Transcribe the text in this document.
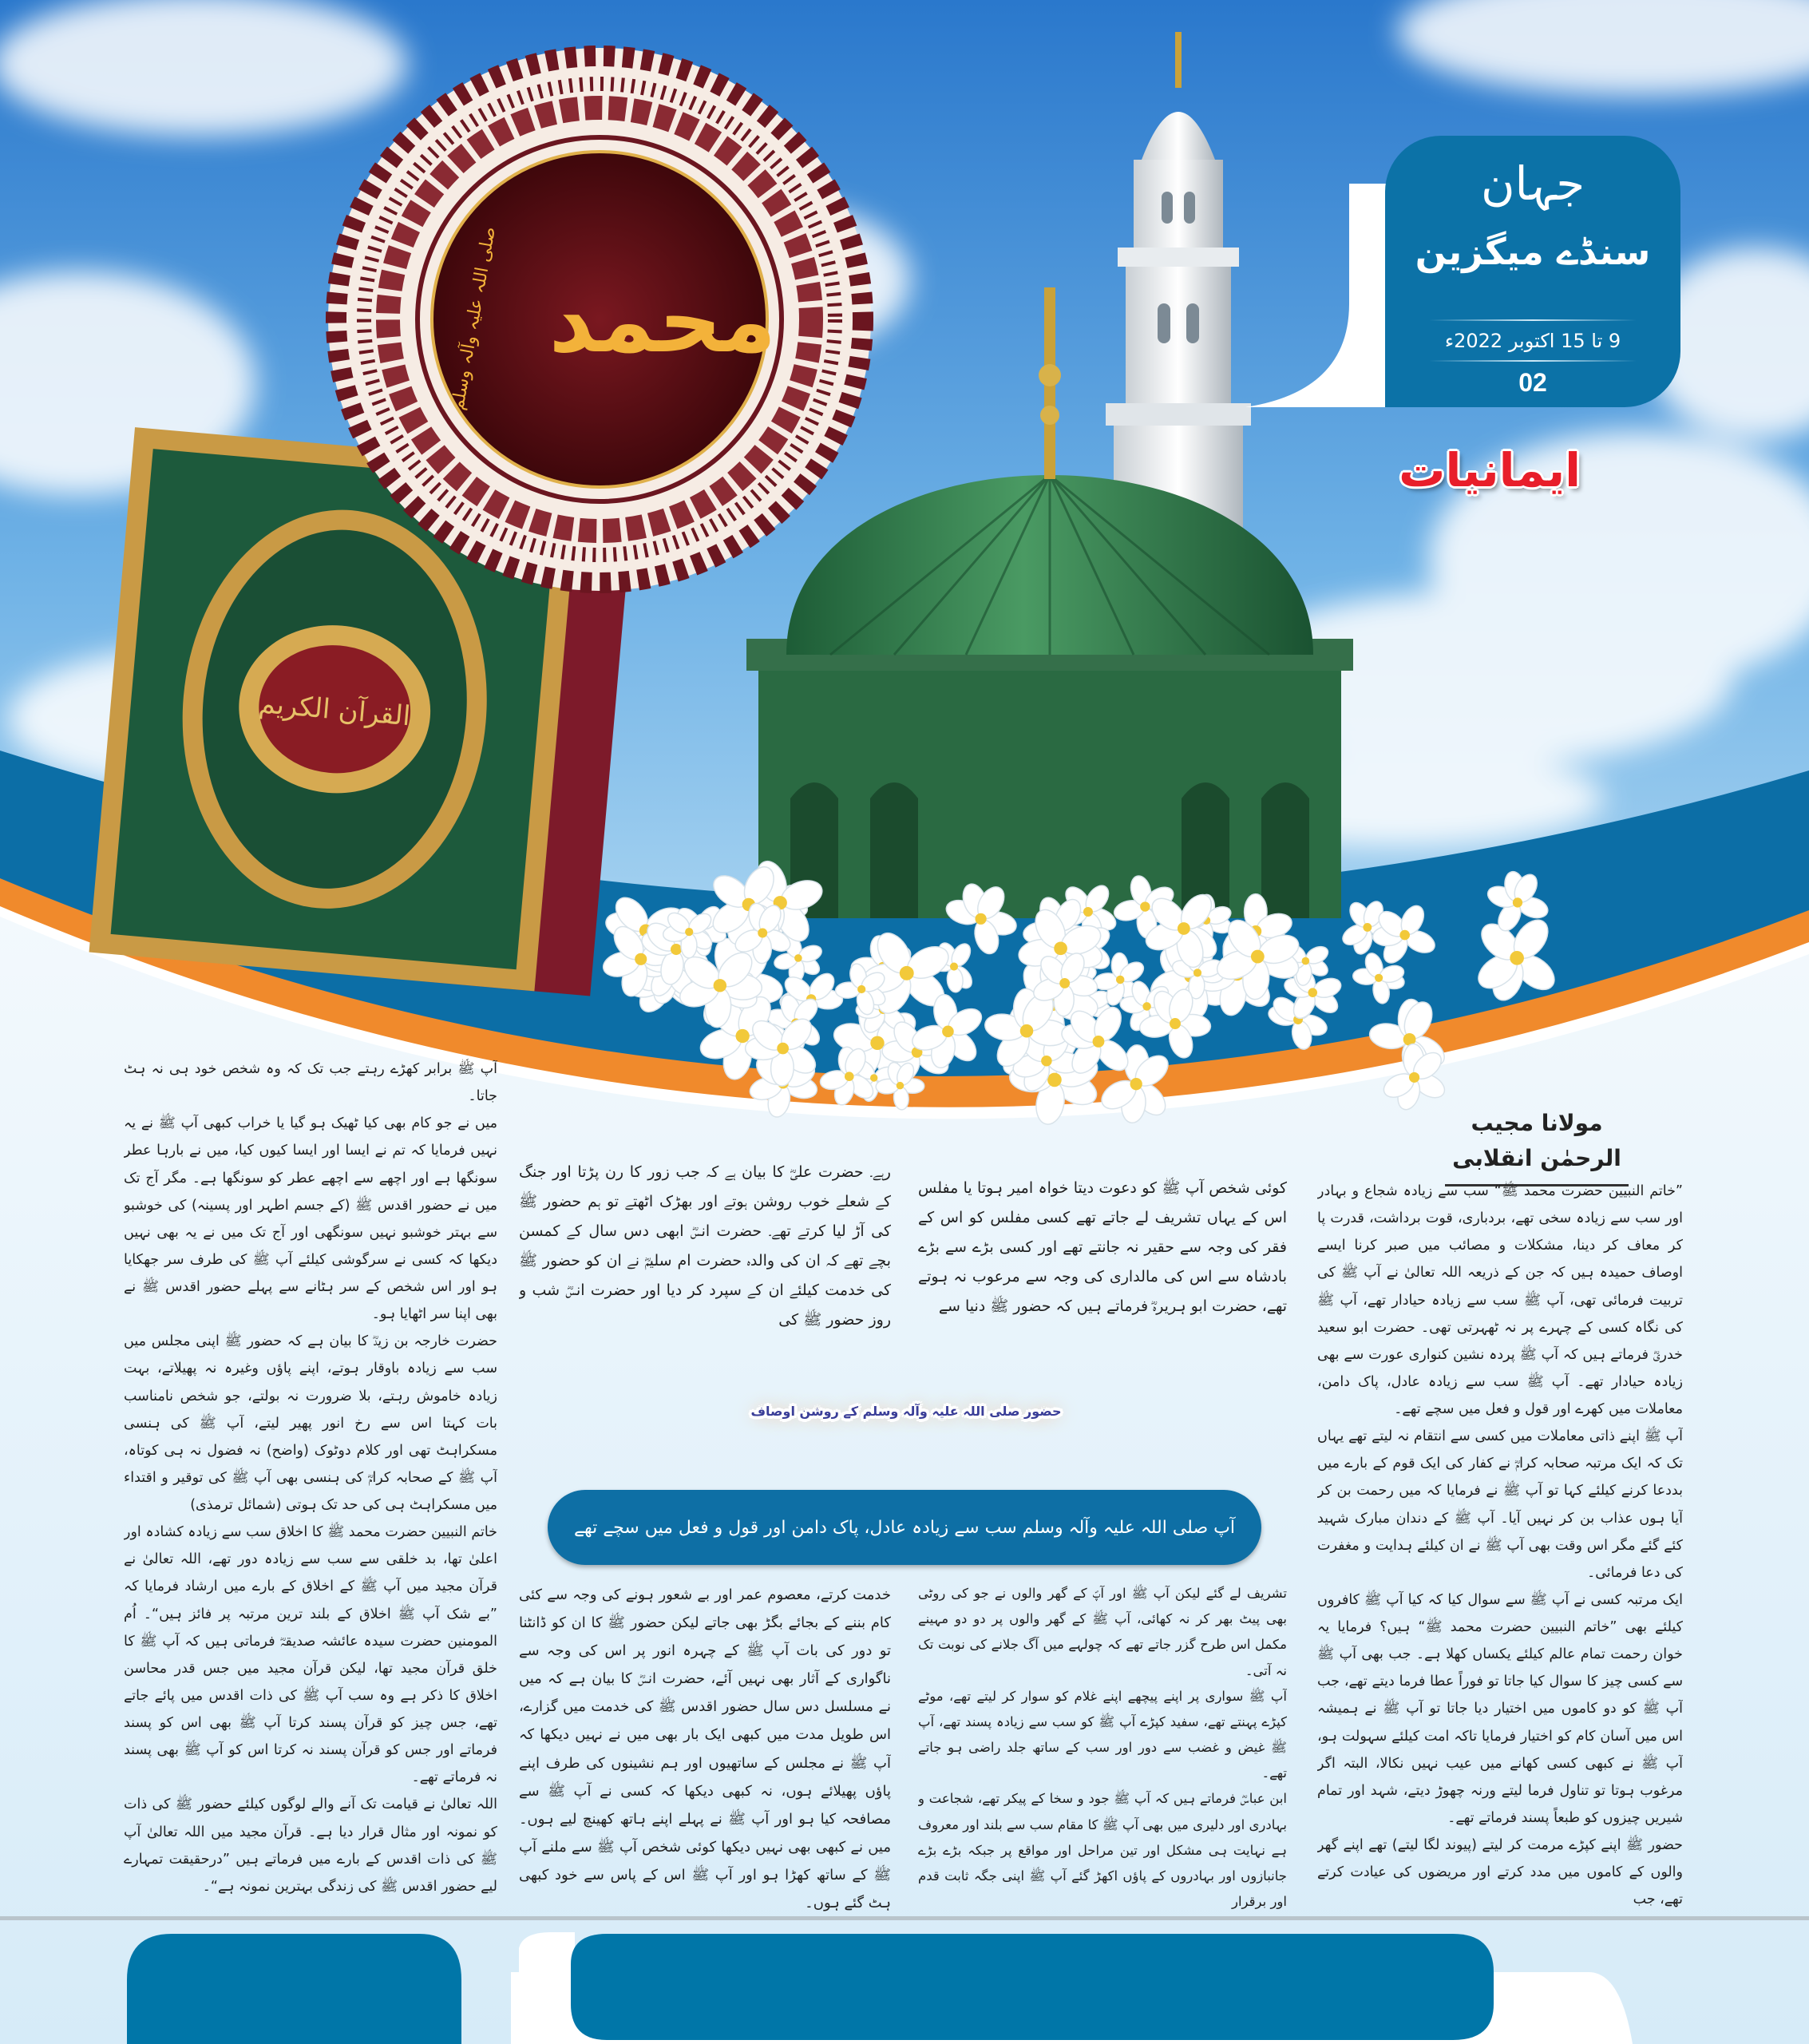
القرآن الکریم
محمد
صلی اللہ علیہ وآلہ وسلم
جہان
سنڈے میگزین
9 تا 15 اکتوبر 2022ء
02
ایمانیات
مولانا مجیب الرحمٰن انقلابی
حضور صلی اللہ علیہ وآلہ وسلم کے روشن اوصاف
آپ صلی اللہ علیہ وآلہ وسلم سب سے زیادہ عادل، پاک دامن اور قول و فعل میں سچے تھے

”خاتم النبیین حضرت محمد ﷺ“ سب سے زیادہ شجاع و بہادر اور سب سے زیادہ سخی تھے، بردباری، قوت برداشت، قدرت پا کر معاف کر دینا، مشکلات و مصائب میں صبر کرنا ایسے اوصاف حمیدہ ہیں کہ جن کے ذریعہ اللہ تعالیٰ نے آپ ﷺ کی تربیت فرمائی تھی، آپ ﷺ سب سے زیادہ حیادار تھے، آپ ﷺ کی نگاہ کسی کے چہرے پر نہ ٹھہرتی تھی۔ حضرت ابو سعید خدریؓ فرماتے ہیں کہ آپ ﷺ پردہ نشین کنواری عورت سے بھی زیادہ حیادار تھے۔ آپ ﷺ سب سے زیادہ عادل، پاک دامن، معاملات میں کھرے اور قول و فعل میں سچے تھے۔

آپ ﷺ اپنے ذاتی معاملات میں کسی سے انتقام نہ لیتے تھے یہاں تک کہ ایک مرتبہ صحابہ کرامؓ نے کفار کی ایک قوم کے بارے میں بددعا کرنے کیلئے کہا تو آپ ﷺ نے فرمایا کہ میں رحمت بن کر آیا ہوں عذاب بن کر نہیں آیا۔ آپ ﷺ کے دندان مبارک شہید کئے گئے مگر اس وقت بھی آپ ﷺ نے ان کیلئے ہدایت و مغفرت کی دعا فرمائی۔

ایک مرتبہ کسی نے آپ ﷺ سے سوال کیا کہ کیا آپ ﷺ کافروں کیلئے بھی ”خاتم النبیین حضرت محمد ﷺ“ ہیں؟ فرمایا یہ خوان رحمت تمام عالم کیلئے یکساں کھلا ہے۔ جب بھی آپ ﷺ سے کسی چیز کا سوال کیا جاتا تو فوراً عطا فرما دیتے تھے، جب آپ ﷺ کو دو کاموں میں اختیار دیا جاتا تو آپ ﷺ نے ہمیشہ اس میں آسان کام کو اختیار فرمایا تاکہ امت کیلئے سہولت ہو، آپ ﷺ نے کبھی کسی کھانے میں عیب نہیں نکالا، البتہ اگر مرغوب ہوتا تو تناول فرما لیتے ورنہ چھوڑ دیتے، شہد اور تمام شیریں چیزوں کو طبعاً پسند فرماتے تھے۔

حضور ﷺ اپنے کپڑے مرمت کر لیتے (پیوند لگا لیتے) تھے اپنے گھر والوں کے کاموں میں مدد کرتے اور مریضوں کی عیادت کرتے تھے، جب

کوئی شخص آپ ﷺ کو دعوت دیتا خواہ امیر ہوتا یا مفلس اس کے یہاں تشریف لے جاتے تھے کسی مفلس کو اس کے فقر کی وجہ سے حقیر نہ جانتے تھے اور کسی بڑے سے بڑے بادشاہ سے اس کی مالداری کی وجہ سے مرعوب نہ ہوتے تھے، حضرت ابو ہریرہؓ فرماتے ہیں کہ حضور ﷺ دنیا سے

تشریف لے گئے لیکن آپ ﷺ اور آپؐ کے گھر والوں نے جو کی روٹی بھی پیٹ بھر کر نہ کھائی، آپ ﷺ کے گھر والوں پر دو دو مہینے مکمل اس طرح گزر جاتے تھے کہ چولہے میں آگ جلانے کی نوبت تک نہ آتی۔

آپ ﷺ سواری پر اپنے پیچھے اپنے غلام کو سوار کر لیتے تھے، موٹے کپڑے پہنتے تھے، سفید کپڑے آپ ﷺ کو سب سے زیادہ پسند تھے، آپ ﷺ غیض و غضب سے دور اور سب کے ساتھ جلد راضی ہو جاتے تھے۔

ابن عباسؓ فرماتے ہیں کہ آپ ﷺ جود و سخا کے پیکر تھے، شجاعت و بہادری اور دلیری میں بھی آپ ﷺ کا مقام سب سے بلند اور معروف ہے نہایت ہی مشکل اور تین مراحل اور مواقع پر جبکہ بڑے بڑے جانبازوں اور بہادروں کے پاؤں اکھڑ گئے آپ ﷺ اپنی جگہ ثابت قدم اور برقرار

رہے۔ حضرت علیؓ کا بیان ہے کہ جب زور کا رن پڑتا اور جنگ کے شعلے خوب روشن ہوتے اور بھڑک اٹھتے تو ہم حضور ﷺ کی آڑ لیا کرتے تھے۔ حضرت انسؓ ابھی دس سال کے کمسن بچے تھے کہ ان کی والدہ حضرت ام سلیمؓ نے ان کو حضور ﷺ کی خدمت کیلئے ان کے سپرد کر دیا اور حضرت انسؓ شب و روز حضور ﷺ کی

خدمت کرتے، معصوم عمر اور بے شعور ہونے کی وجہ سے کئی کام بننے کے بجائے بگڑ بھی جاتے لیکن حضور ﷺ کا ان کو ڈانٹنا تو دور کی بات آپ ﷺ کے چہرہ انور پر اس کی وجہ سے ناگواری کے آثار بھی نہیں آئے، حضرت انسؓ کا بیان ہے کہ میں نے مسلسل دس سال حضور اقدس ﷺ کی خدمت میں گزارے، اس طویل مدت میں کبھی ایک بار بھی میں نے نہیں دیکھا کہ آپ ﷺ نے مجلس کے ساتھیوں اور ہم نشینوں کی طرف اپنے پاؤں پھیلائے ہوں، نہ کبھی دیکھا کہ کسی نے آپ ﷺ سے مصافحہ کیا ہو اور آپ ﷺ نے پہلے اپنے ہاتھ کھینچ لیے ہوں۔ میں نے کبھی بھی نہیں دیکھا کوئی شخص آپ ﷺ سے ملنے آپ ﷺ کے ساتھ کھڑا ہو اور آپ ﷺ اس کے پاس سے خود کبھی ہٹ گئے ہوں۔

آپ ﷺ برابر کھڑے رہتے جب تک کہ وہ شخص خود ہی نہ ہٹ جاتا۔

میں نے جو کام بھی کیا ٹھیک ہو گیا یا خراب کبھی آپ ﷺ نے یہ نہیں فرمایا کہ تم نے ایسا اور ایسا کیوں کیا، میں نے بارہا عطر سونگھا ہے اور اچھے سے اچھے عطر کو سونگھا ہے۔ مگر آج تک میں نے حضور اقدس ﷺ (کے جسم اطہر اور پسینہ) کی خوشبو سے بہتر خوشبو نہیں سونگھی اور آج تک میں نے یہ بھی نہیں دیکھا کہ کسی نے سرگوشی کیلئے آپ ﷺ کی طرف سر جھکایا ہو اور اس شخص کے سر ہٹانے سے پہلے حضور اقدس ﷺ نے بھی اپنا سر اٹھایا ہو۔

حضرت خارجہ بن زیدؓ کا بیان ہے کہ حضور ﷺ اپنی مجلس میں سب سے زیادہ باوقار ہوتے، اپنے پاؤں وغیرہ نہ پھیلاتے، بہت زیادہ خاموش رہتے، بلا ضرورت نہ بولتے، جو شخص نامناسب بات کہتا اس سے رخ انور پھیر لیتے، آپ ﷺ کی ہنسی مسکراہٹ تھی اور کلام دوٹوک (واضح) نہ فضول نہ ہی کوتاہ، آپ ﷺ کے صحابہ کرامؓ کی ہنسی بھی آپ ﷺ کی توقیر و اقتداء میں مسکراہٹ ہی کی حد تک ہوتی (شمائل ترمذی)

خاتم النبیین حضرت محمد ﷺ کا اخلاق سب سے زیادہ کشادہ اور اعلیٰ تھا، بد خلقی سے سب سے زیادہ دور تھے، اللہ تعالیٰ نے قرآن مجید میں آپ ﷺ کے اخلاق کے بارے میں ارشاد فرمایا کہ ”بے شک آپ ﷺ اخلاق کے بلند ترین مرتبہ پر فائز ہیں“۔ اُم المومنین حضرت سیدہ عائشہ صدیقہؓ فرماتی ہیں کہ آپ ﷺ کا خلق قرآن مجید تھا، لیکن قرآن مجید میں جس قدر محاسن اخلاق کا ذکر ہے وہ سب آپ ﷺ کی ذات اقدس میں پائے جاتے تھے، جس چیز کو قرآن پسند کرتا آپ ﷺ بھی اس کو پسند فرماتے اور جس کو قرآن پسند نہ کرتا اس کو آپ ﷺ بھی پسند نہ فرماتے تھے۔

اللہ تعالیٰ نے قیامت تک آنے والے لوگوں کیلئے حضور ﷺ کی ذات کو نمونہ اور مثال قرار دیا ہے۔ قرآن مجید میں اللہ تعالیٰ آپ ﷺ کی ذات اقدس کے بارے میں فرماتے ہیں ”درحقیقت تمہارے لیے حضور اقدس ﷺ کی زندگی بہترین نمونہ ہے“۔
